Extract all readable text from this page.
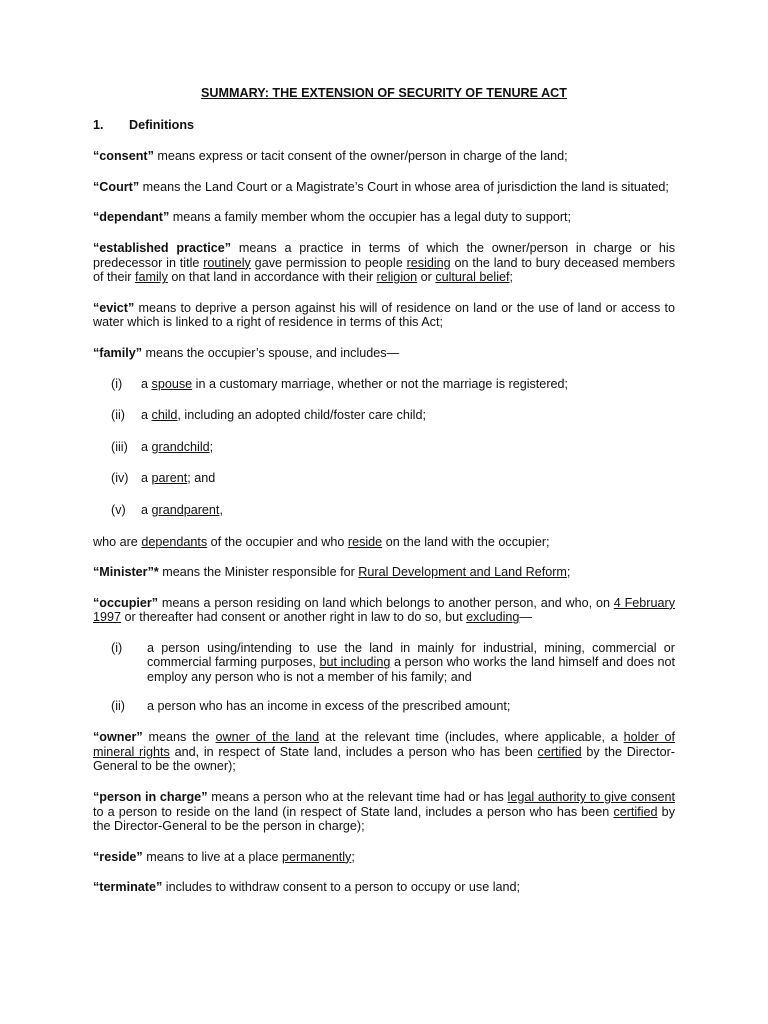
SUMMARY: THE EXTENSION OF SECURITY OF TENURE ACT
1. Definitions

“consent” means express or tacit consent of the owner/person in charge of the land;

“Court” means the Land Court or a Magistrate’s Court in whose area of jurisdiction the land is situated;

“dependant” means a family member whom the occupier has a legal duty to support;

“established practice” means a practice in terms of which the owner/person in charge or his predecessor in title routinely gave permission to people residing on the land to bury deceased members of their family on that land in accordance with their religion or cultural belief;

“evict” means to deprive a person against his will of residence on land or the use of land or access to water which is linked to a right of residence in terms of this Act;

“family” means the occupier’s spouse, and includes—

(i)	a spouse in a customary marriage, whether or not the marriage is registered;
(ii)	a child, including an adopted child/foster care child;
(iii)	a grandchild;
(iv) a parent; and
(v)	a grandparent,

who are dependants of the occupier and who reside on the land with the occupier;

“Minister”* means the Minister responsible for Rural Development and Land Reform;

“occupier” means a person residing on land which belongs to another person, and who, on 4 February 1997 or thereafter had consent or another right in law to do so, but excluding—

(i)	a person using/intending to use the land in mainly for industrial, mining, commercial or commercial farming purposes, but including a person who works the land himself and does not employ any person who is not a member of his family; and
(ii)	a person who has an income in excess of the prescribed amount;

“owner” means the owner of the land at the relevant time (includes, where applicable, a holder of mineral rights and, in respect of State land, includes a person who has been certified by the Director-General to be the owner);

“person in charge” means a person who at the relevant time had or has legal authority to give consent to a person to reside on the land (in respect of State land, includes a person who has been certified by the Director-General to be the person in charge);

“reside” means to live at a place permanently;

“terminate” includes to withdraw consent to a person to occupy or use land;
